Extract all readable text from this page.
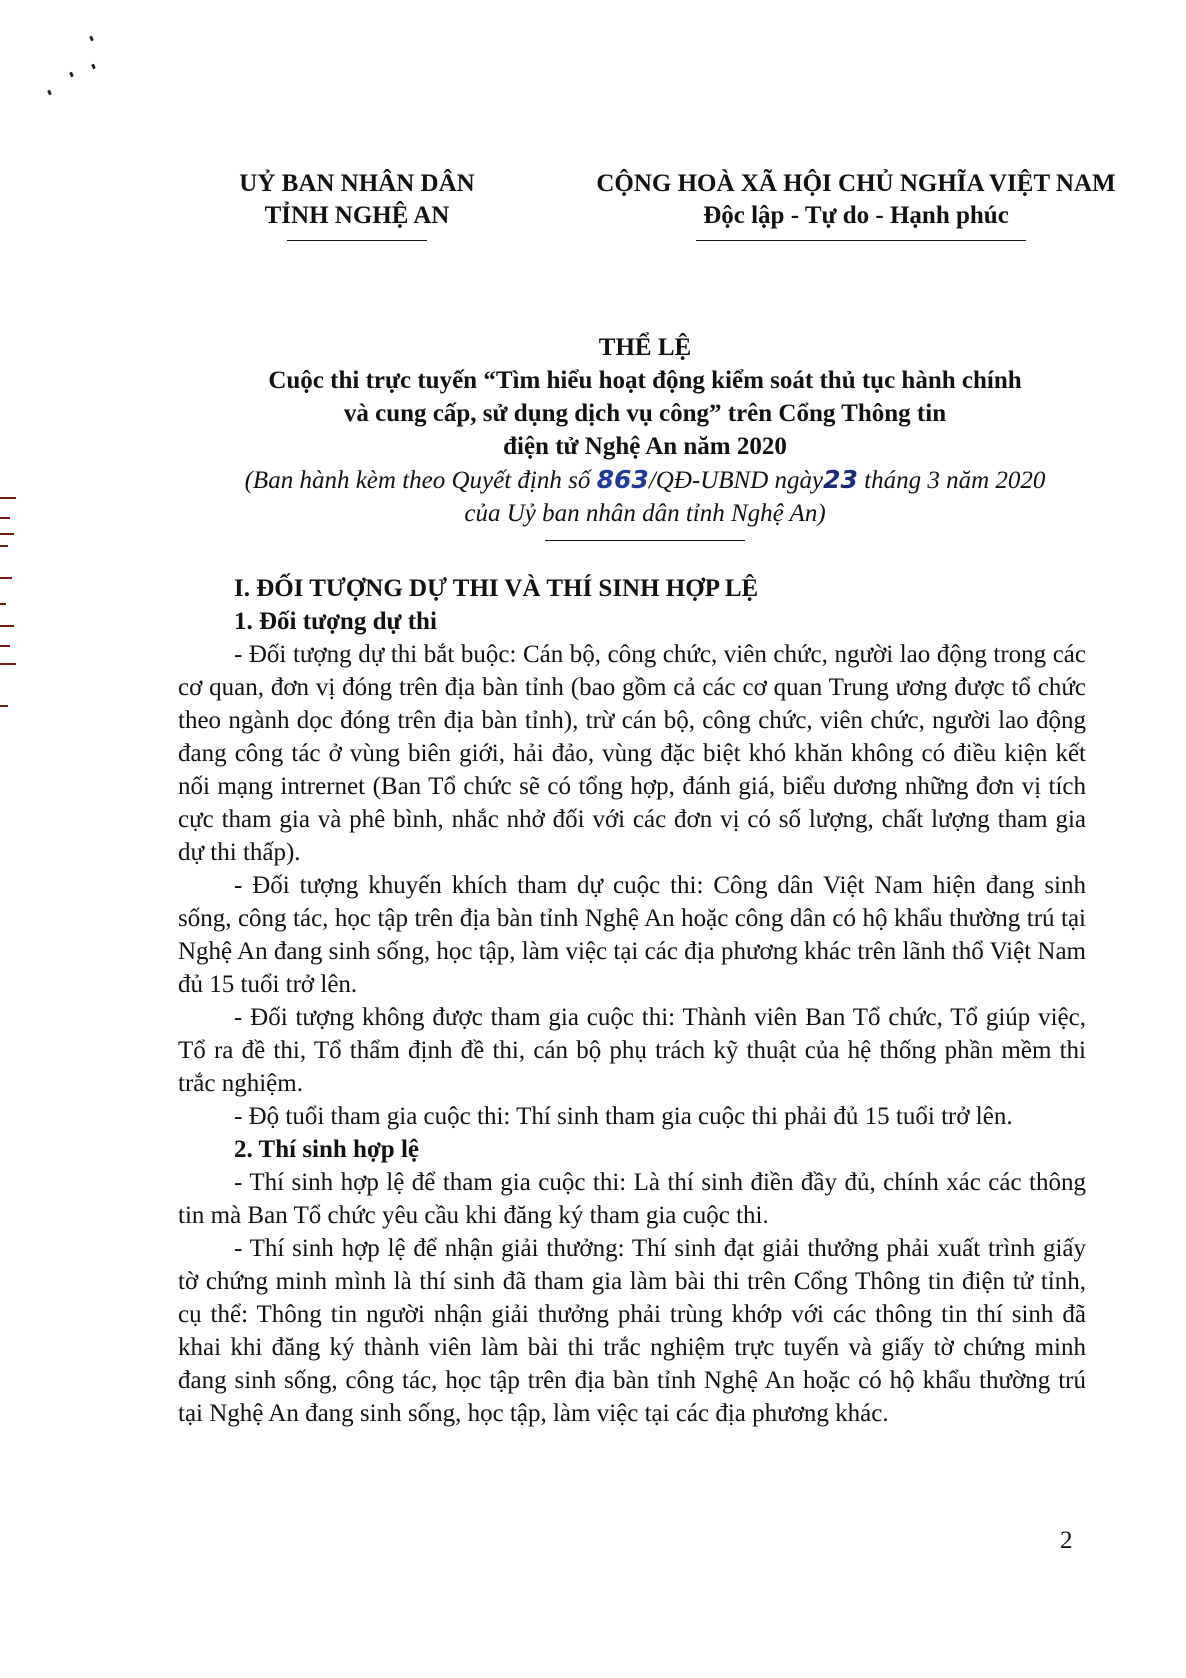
UỶ BAN NHÂN DÂN
TỈNH NGHỆ AN
CỘNG HOÀ XÃ HỘI CHỦ NGHĨA VIỆT NAM
Độc lập - Tự do - Hạnh phúc
THỂ LỆ
Cuộc thi trực tuyến “Tìm hiểu hoạt động kiểm soát thủ tục hành chính
và cung cấp, sử dụng dịch vụ công” trên Cổng Thông tin
điện tử Nghệ An năm 2020
(Ban hành kèm theo Quyết định số 863/QĐ-UBND ngày23 tháng 3 năm 2020
của Uỷ ban nhân dân tỉnh Nghệ An)
I. ĐỐI TƯỢNG DỰ THI VÀ THÍ SINH HỢP LỆ
1. Đối tượng dự thi

- Đối tượng dự thi bắt buộc: Cán bộ, công chức, viên chức, người lao động trong các cơ quan, đơn vị đóng trên địa bàn tỉnh (bao gồm cả các cơ quan Trung ương được tổ chức theo ngành dọc đóng trên địa bàn tỉnh), trừ cán bộ, công chức, viên chức, người lao động đang công tác ở vùng biên giới, hải đảo, vùng đặc biệt khó khăn không có điều kiện kết nối mạng intrernet (Ban Tổ chức sẽ có tổng hợp, đánh giá, biểu dương những đơn vị tích cực tham gia và phê bình, nhắc nhở đối với các đơn vị có số lượng, chất lượng tham gia dự thi thấp).

- Đối tượng khuyến khích tham dự cuộc thi: Công dân Việt Nam hiện đang sinh sống, công tác, học tập trên địa bàn tỉnh Nghệ An hoặc công dân có hộ khẩu thường trú tại Nghệ An đang sinh sống, học tập, làm việc tại các địa phương khác trên lãnh thổ Việt Nam đủ 15 tuổi trở lên.

- Đối tượng không được tham gia cuộc thi: Thành viên Ban Tổ chức, Tổ giúp việc, Tổ ra đề thi, Tổ thẩm định đề thi, cán bộ phụ trách kỹ thuật của hệ thống phần mềm thi trắc nghiệm.

- Độ tuổi tham gia cuộc thi: Thí sinh tham gia cuộc thi phải đủ 15 tuổi trở lên.

2. Thí sinh hợp lệ

- Thí sinh hợp lệ để tham gia cuộc thi: Là thí sinh điền đầy đủ, chính xác các thông tin mà Ban Tổ chức yêu cầu khi đăng ký tham gia cuộc thi.

- Thí sinh hợp lệ để nhận giải thưởng: Thí sinh đạt giải thưởng phải xuất trình giấy tờ chứng minh mình là thí sinh đã tham gia làm bài thi trên Cổng Thông tin điện tử tỉnh, cụ thể: Thông tin người nhận giải thưởng phải trùng khớp với các thông tin thí sinh đã khai khi đăng ký thành viên làm bài thi trắc nghiệm trực tuyến và giấy tờ chứng minh đang sinh sống, công tác, học tập trên địa bàn tỉnh Nghệ An hoặc có hộ khẩu thường trú tại Nghệ An đang sinh sống, học tập, làm việc tại các địa phương khác.

2
